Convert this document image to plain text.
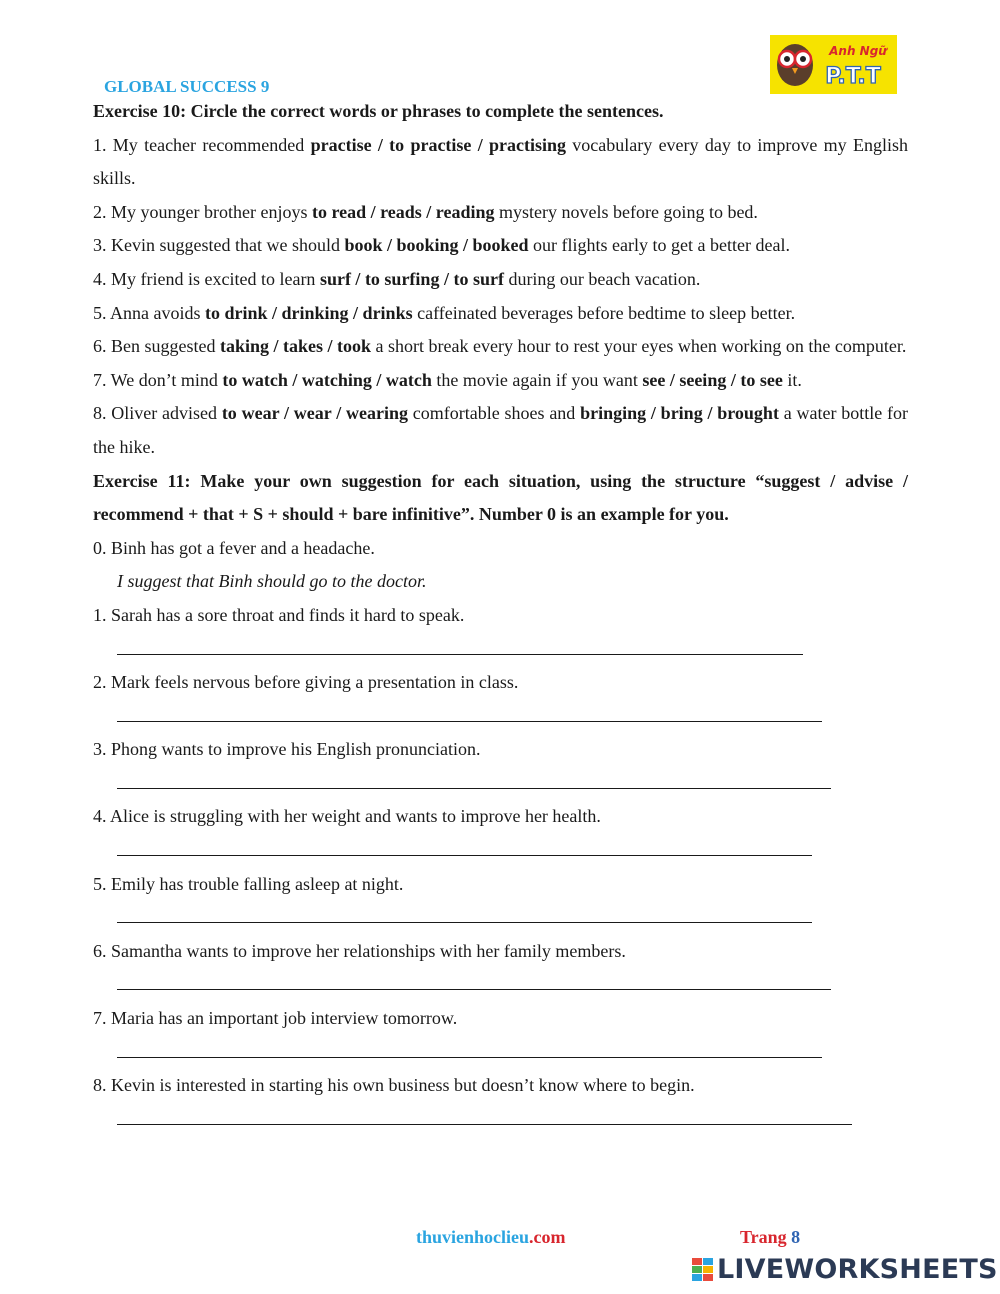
GLOBAL SUCCESS 9
Anh Ngữ
P.T.T

Exercise 10: Circle the correct words or phrases to complete the sentences.

1. My teacher recommended practise / to practise / practising vocabulary every day to improve my English skills.

2. My younger brother enjoys to read / reads / reading mystery novels before going to bed.

3. Kevin suggested that we should book / booking / booked our flights early to get a better deal.

4. My friend is excited to learn surf / to surfing / to surf during our beach vacation.

5. Anna avoids to drink / drinking / drinks caffeinated beverages before bedtime to sleep better.

6. Ben suggested taking / takes / took a short break every hour to rest your eyes when working on the computer.

7. We don’t mind to watch / watching / watch the movie again if you want see / seeing / to see it.

8. Oliver advised to wear / wear / wearing comfortable shoes and bringing / bring / brought a water bottle for the hike.

Exercise 11: Make your own suggestion for each situation, using the structure “suggest / advise / recommend + that + S + should + bare infinitive”. Number 0 is an example for you.

0. Binh has got a fever and a headache.

I suggest that Binh should go to the doctor.

1. Sarah has a sore throat and finds it hard to speak.

2. Mark feels nervous before giving a presentation in class.

3. Phong wants to improve his English pronunciation.

4. Alice is struggling with her weight and wants to improve her health.

5. Emily has trouble falling asleep at night.

6. Samantha wants to improve her relationships with her family members.

7. Maria has an important job interview tomorrow.

8. Kevin is interested in starting his own business but doesn’t know where to begin.

thuvienhoclieu.com	Trang 8
LIVEWORKSHEETS
